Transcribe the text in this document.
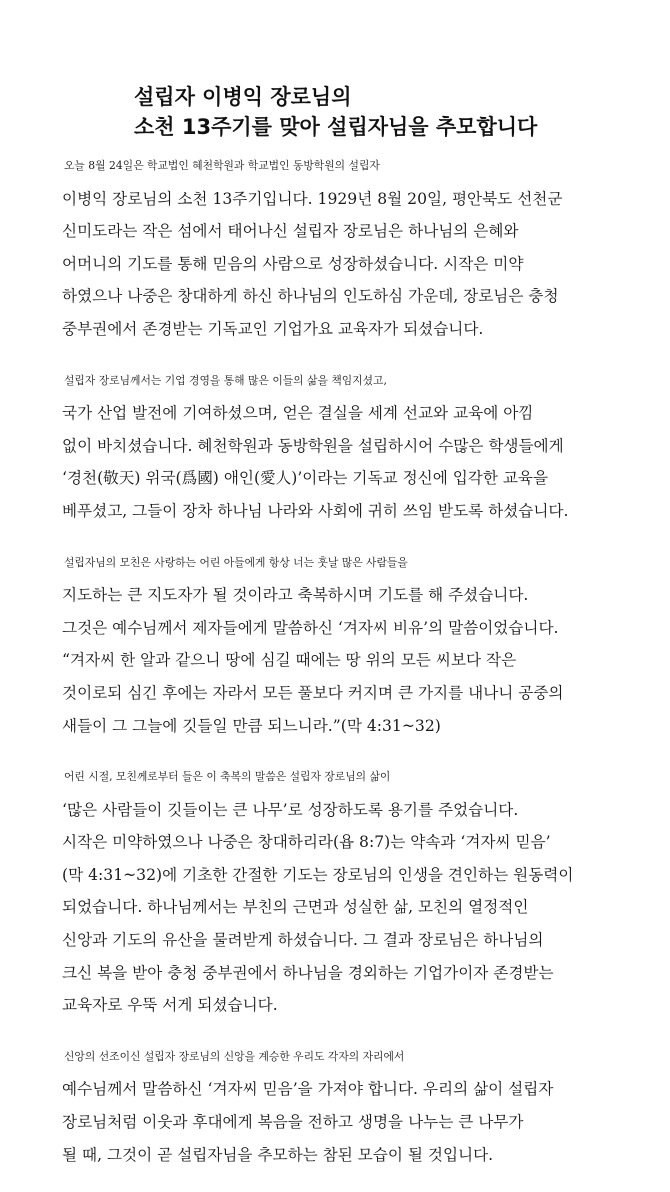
설립자 이병익 장로님의
소천 13주기를 맞아 설립자님을 추모합니다

오늘 8월 24일은 학교법인 혜천학원과 학교법인 동방학원의 설립자
이병익 장로님의 소천 13주기입니다. 1929년 8월 20일, 평안북도 선천군
신미도라는 작은 섬에서 태어나신 설립자 장로님은 하나님의 은혜와
어머니의 기도를 통해 믿음의 사람으로 성장하셨습니다. 시작은 미약
하였으나 나중은 창대하게 하신 하나님의 인도하심 가운데, 장로님은 충청
중부권에서 존경받는 기독교인 기업가요 교육자가 되셨습니다.

설립자 장로님께서는 기업 경영을 통해 많은 이들의 삶을 책임지셨고,
국가 산업 발전에 기여하셨으며, 얻은 결실을 세계 선교와 교육에 아낌
없이 바치셨습니다. 혜천학원과 동방학원을 설립하시어 수많은 학생들에게
‘경천(敬天) 위국(爲國) 애인(愛人)’이라는 기독교 정신에 입각한 교육을
베푸셨고, 그들이 장차 하나님 나라와 사회에 귀히 쓰임 받도록 하셨습니다.

설립자님의 모친은 사랑하는 어린 아들에게 항상 너는 훗날 많은 사람들을
지도하는 큰 지도자가 될 것이라고 축복하시며 기도를 해 주셨습니다.
그것은 예수님께서 제자들에게 말씀하신 ‘겨자씨 비유’의 말씀이었습니다.
“겨자씨 한 알과 같으니 땅에 심길 때에는 땅 위의 모든 씨보다 작은
것이로되 심긴 후에는 자라서 모든 풀보다 커지며 큰 가지를 내나니 공중의
새들이 그 그늘에 깃들일 만큼 되느니라.”(막 4:31~32)

어린 시절, 모친께로부터 들은 이 축복의 말씀은 설립자 장로님의 삶이
‘많은 사람들이 깃들이는 큰 나무’로 성장하도록 용기를 주었습니다.
시작은 미약하였으나 나중은 창대하리라(욥 8:7)는 약속과 ‘겨자씨 믿음’
(막 4:31~32)에 기초한 간절한 기도는 장로님의 인생을 견인하는 원동력이
되었습니다. 하나님께서는 부친의 근면과 성실한 삶, 모친의 열정적인
신앙과 기도의 유산을 물려받게 하셨습니다. 그 결과 장로님은 하나님의
크신 복을 받아 충청 중부권에서 하나님을 경외하는 기업가이자 존경받는
교육자로 우뚝 서게 되셨습니다.

신앙의 선조이신 설립자 장로님의 신앙을 계승한 우리도 각자의 자리에서
예수님께서 말씀하신 ‘겨자씨 믿음’을 가져야 합니다. 우리의 삶이 설립자
장로님처럼 이웃과 후대에게 복음을 전하고 생명을 나누는 큰 나무가
될 때, 그것이 곧 설립자님을 추모하는 참된 모습이 될 것입니다.
